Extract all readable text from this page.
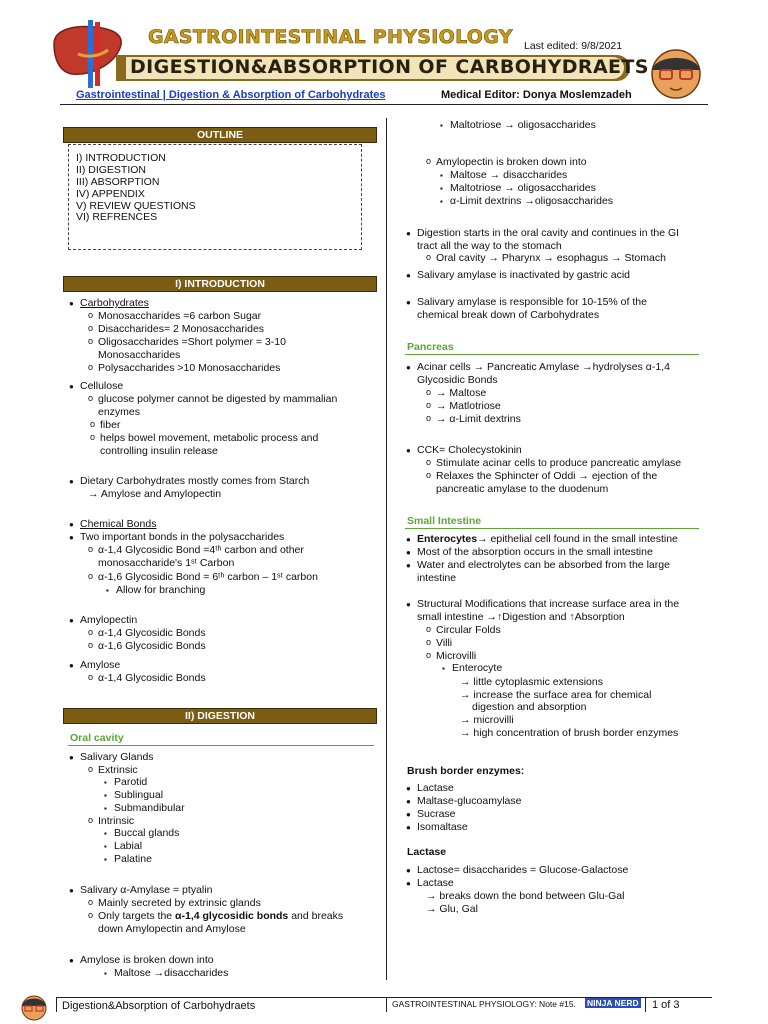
GASTROINTESTINAL PHYSIOLOGY Last edited: 9/8/2021
DIGESTION&ABSORPTION OF CARBOHYDRAETS
Gastrointestinal | Digestion & Absorption of Carbohydrates	Medical Editor: Donya Moslemzadeh
OUTLINE
I) INTRODUCTION
II) DIGESTION
III) ABSORPTION
IV) APPENDIX
V) REVIEW QUESTIONS
VI) REFRENCES
I) INTRODUCTION
● Carbohydrates
o Monosaccharides =6 carbon Sugar
o Disaccharides= 2 Monosaccharides
o Oligosaccharides =Short polymer = 3-10
Monosaccharides
o Polysaccharides >10 Monosaccharides
● Cellulose
o glucose polymer cannot be digested by mammalian
enzymes
o fiber
o helps bowel movement, metabolic process and
controlling insulin release
● Dietary Carbohydrates mostly comes from Starch
→ Amylose and Amylopectin
● Chemical Bonds
● Two important bonds in the polysaccharides
o α-1,4 Glycosidic Bond =4ᵗʰ carbon and other
monosaccharide's 1ˢᵗ Carbon
o α-1,6 Glycosidic Bond = 6ᵗʰ carbon – 1ˢᵗ carbon
▪ Allow for branching
● Amylopectin
o α-1,4 Glycosidic Bonds
o α-1,6 Glycosidic Bonds
● Amylose
o α-1,4 Glycosidic Bonds
II) DIGESTION
Oral cavity
● Salivary Glands
o Extrinsic
▪ Parotid
▪ Sublingual
▪ Submandibular
o Intrinsic
▪ Buccal glands
▪ Labial
▪ Palatine
● Salivary α-Amylase = ptyalin
o Mainly secreted by extrinsic glands
o Only targets the α-1,4 glycosidic bonds and breaks
down Amylopectin and Amylose
● Amylose is broken down into
▪ Maltose →disaccharides
▪ Maltotriose → oligosaccharides
o Amylopectin is broken down into
▪ Maltose → disaccharides
▪ Maltotriose → oligosaccharides
▪ α-Limit dextrins →oligosaccharides
● Digestion starts in the oral cavity and continues in the GI
tract all the way to the stomach
o Oral cavity → Pharynx → esophagus → Stomach
● Salivary amylase is inactivated by gastric acid
● Salivary amylase is responsible for 10-15% of the
chemical break down of Carbohydrates
Pancreas
● Acinar cells → Pancreatic Amylase →hydrolyses α-1,4
Glycosidic Bonds
o → Maltose
o → Matlotriose
o → α-Limit dextrins
● CCK= Cholecystokinin
o Stimulate acinar cells to produce pancreatic amylase
o Relaxes the Sphincter of Oddi → ejection of the
pancreatic amylase to the duodenum
Small Intestine
● Enterocytes→ epithelial cell found in the small intestine
● Most of the absorption occurs in the small intestine
● Water and electrolytes can be absorbed from the large
intestine
● Structural Modifications that increase surface area in the
small intestine →↑Digestion and ↑Absorption
o Circular Folds
o Villi
o Microvilli
▪ Enterocyte
→ little cytoplasmic extensions
→ increase the surface area for chemical
digestion and absorption
→ microvilli
→ high concentration of brush border enzymes
Brush border enzymes:
● Lactase
● Maltase-glucoamylase
● Sucrase
● Isomaltase
Lactase
● Lactose= disaccharides = Glucose-Galactose
● Lactase
→ breaks down the bond between Glu-Gal
→ Glu, Gal
Digestion&Absorption of Carbohydraets	GASTROINTESTINAL PHYSIOLOGY: Note #15. NINJA NERD 1 of 3
